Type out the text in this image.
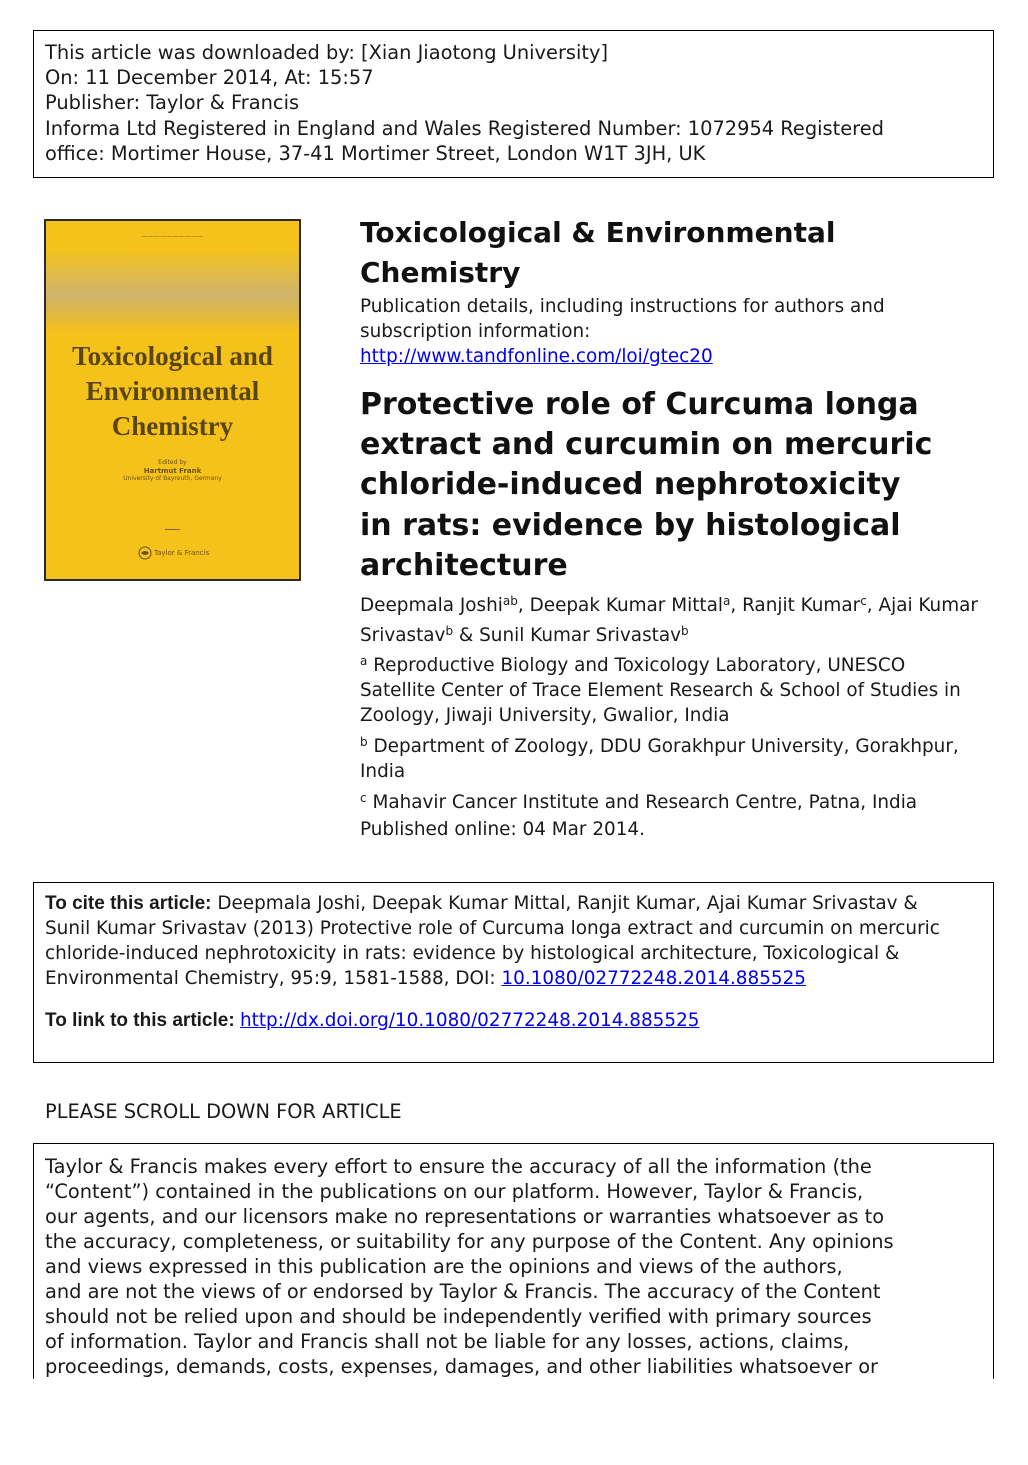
This article was downloaded by: [Xian Jiaotong University]
On: 11 December 2014, At: 15:57
Publisher: Taylor & Francis
Informa Ltd Registered in England and Wales Registered Number: 1072954 Registered
office: Mortimer House, 37-41 Mortimer Street, London W1T 3JH, UK
——————————
Toxicological and
Environmental
Chemistry
Edited by
Hartmut Frank
University of Bayreuth, Germany
━━━━━
Taylor & Francis
Toxicological & Environmental
Chemistry
Publication details, including instructions for authors and
subscription information:
http://www.tandfonline.com/loi/gtec20
Protective role of Curcuma longa
extract and curcumin on mercuric
chloride-induced nephrotoxicity
in rats: evidence by histological
architecture
Deepmala Joshi$^{ab}$, Deepak Kumar Mittal$^a$, Ranjit Kumar$^c$, Ajai Kumar Srivastav$^b$ & Sunil Kumar Srivastav$^b$
$^a$ Reproductive Biology and Toxicology Laboratory, UNESCO
Satellite Center of Trace Element Research & School of Studies in
Zoology, Jiwaji University, Gwalior, India
$^b$ Department of Zoology, DDU Gorakhpur University, Gorakhpur,
India
$^c$ Mahavir Cancer Institute and Research Centre, Patna, India
Published online: 04 Mar 2014.
To cite this article: Deepmala Joshi, Deepak Kumar Mittal, Ranjit Kumar, Ajai Kumar Srivastav &
Sunil Kumar Srivastav (2013) Protective role of Curcuma longa extract and curcumin on mercuric
chloride-induced nephrotoxicity in rats: evidence by histological architecture, Toxicological &
Environmental Chemistry, 95:9, 1581-1588, DOI: 10.1080/02772248.2014.885525
To link to this article: http://dx.doi.org/10.1080/02772248.2014.885525
PLEASE SCROLL DOWN FOR ARTICLE
Taylor & Francis makes every effort to ensure the accuracy of all the information (the
“Content”) contained in the publications on our platform. However, Taylor & Francis,
our agents, and our licensors make no representations or warranties whatsoever as to
the accuracy, completeness, or suitability for any purpose of the Content. Any opinions
and views expressed in this publication are the opinions and views of the authors,
and are not the views of or endorsed by Taylor & Francis. The accuracy of the Content
should not be relied upon and should be independently verified with primary sources
of information. Taylor and Francis shall not be liable for any losses, actions, claims,
proceedings, demands, costs, expenses, damages, and other liabilities whatsoever or
